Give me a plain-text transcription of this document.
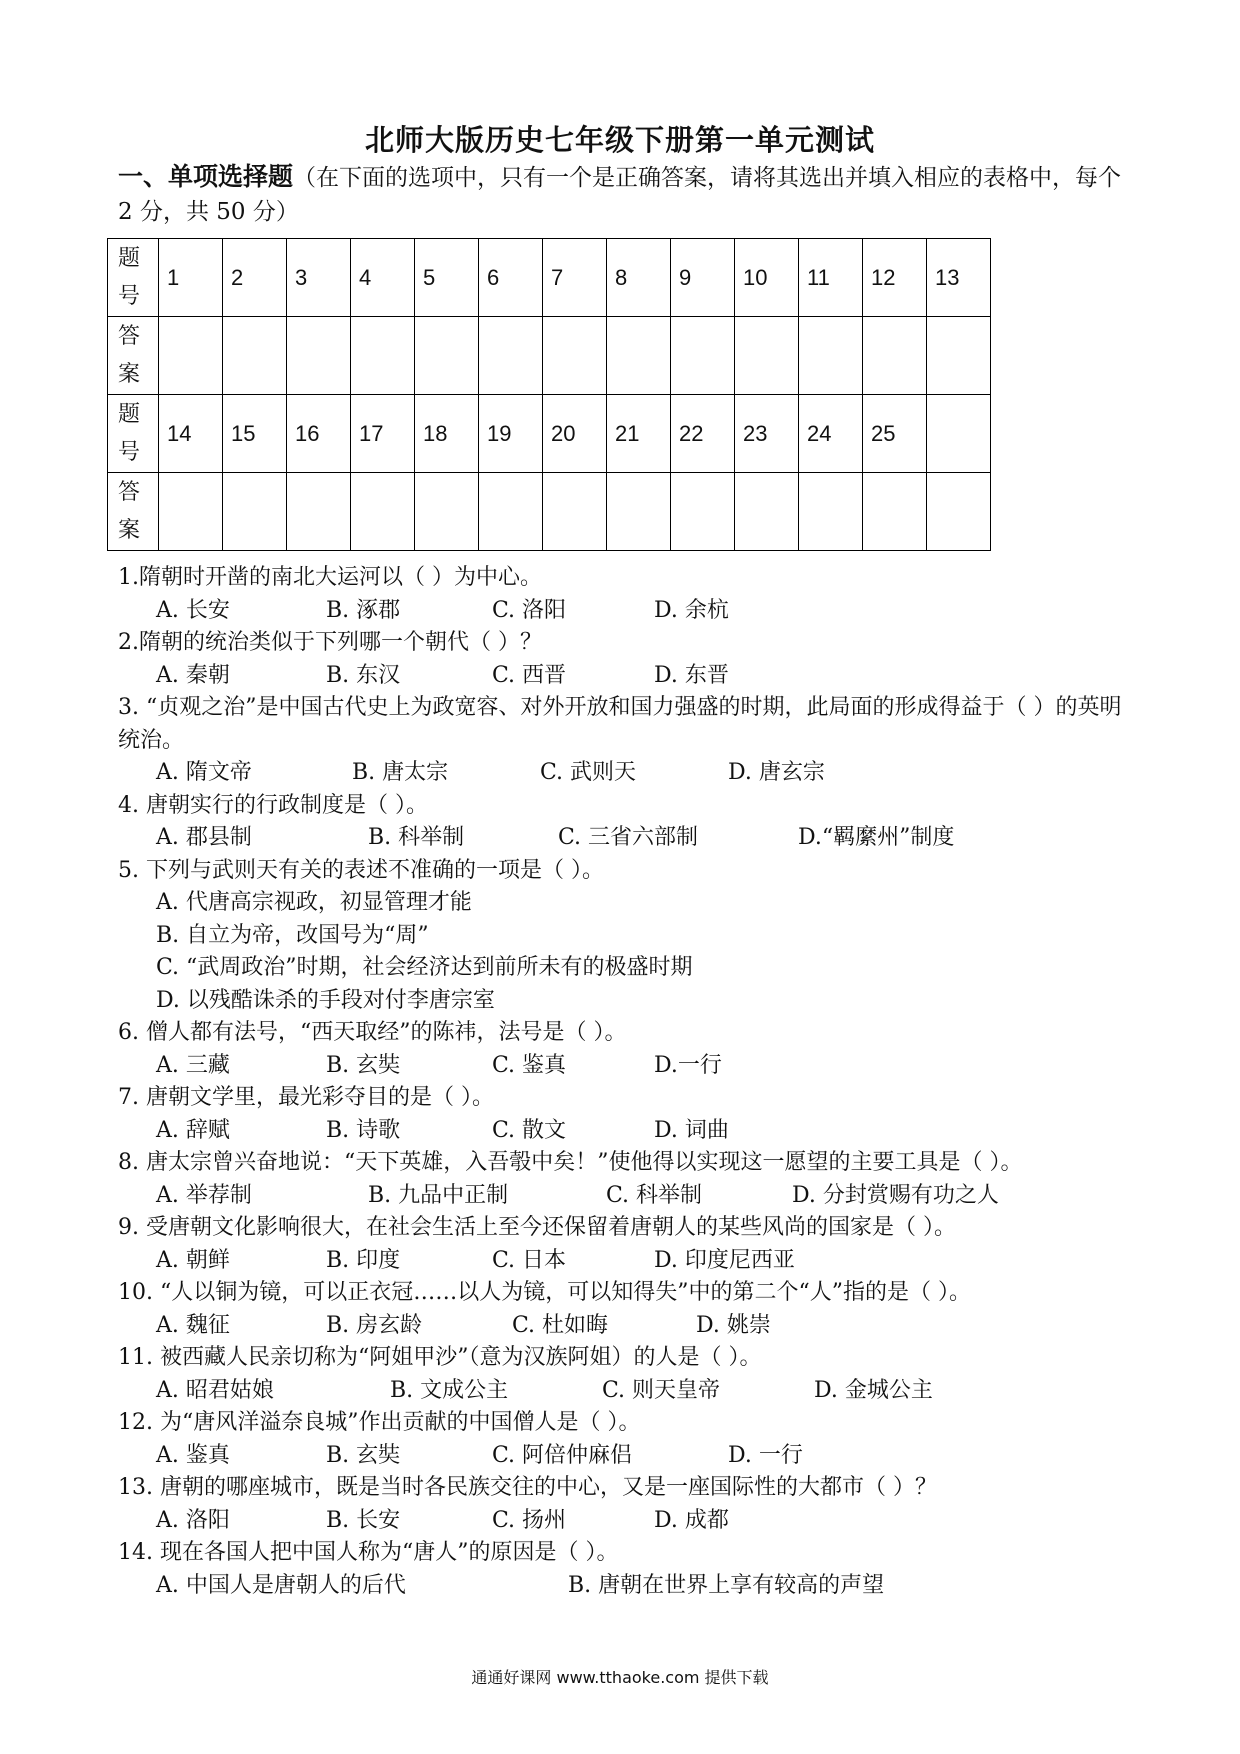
北师大版历史七年级下册第一单元测试
一、单项选择题（在下面的选项中，只有一个是正确答案，请将其选出并填入相应的表格中，每个 2 分，共 50 分）
题号	1	2	3	4	5	6	7	8	9	10	11	12	13
答案													
题号	14	15	16	17	18	19	20	21	22	23	24	25	
答案													
1.隋朝时开凿的南北大运河以（ ）为中心。
A. 长安	B. 涿郡	C. 洛阳	D. 余杭
2.隋朝的统治类似于下列哪一个朝代（ ）？
A. 秦朝	B. 东汉	C. 西晋	D. 东晋
3. “贞观之治”是中国古代史上为政宽容、对外开放和国力强盛的时期，此局面的形成得益于（ ）的英明统治。
A. 隋文帝	B. 唐太宗	C. 武则天	D. 唐玄宗
4. 唐朝实行的行政制度是（ ）。
A. 郡县制	B. 科举制	C. 三省六部制	D.“羁縻州”制度
5. 下列与武则天有关的表述不准确的一项是（ ）。
A. 代唐高宗视政，初显管理才能
B. 自立为帝，改国号为“周”
C. “武周政治”时期，社会经济达到前所未有的极盛时期
D. 以残酷诛杀的手段对付李唐宗室
6. 僧人都有法号，“西天取经”的陈祎，法号是（ ）。
A. 三藏	B. 玄奘	C. 鉴真	D.一行
7. 唐朝文学里，最光彩夺目的是（ ）。
A. 辞赋	B. 诗歌	C. 散文	D. 词曲
8. 唐太宗曾兴奋地说：“天下英雄，入吾彀中矣！”使他得以实现这一愿望的主要工具是（ ）。
A. 举荐制	B. 九品中正制	C. 科举制	D. 分封赏赐有功之人
9. 受唐朝文化影响很大，在社会生活上至今还保留着唐朝人的某些风尚的国家是（ ）。
A. 朝鲜	B. 印度	C. 日本	D. 印度尼西亚
10. “人以铜为镜，可以正衣冠……以人为镜，可以知得失”中的第二个“人”指的是（ ）。
A. 魏征	B. 房玄龄	C. 杜如晦	D. 姚崇
11. 被西藏人民亲切称为“阿姐甲沙”（意为汉族阿姐）的人是（ ）。
A. 昭君姑娘	B. 文成公主	C. 则天皇帝	D. 金城公主
12. 为“唐风洋溢奈良城”作出贡献的中国僧人是（ ）。
A. 鉴真	B. 玄奘	C. 阿倍仲麻侣	D. 一行
13. 唐朝的哪座城市，既是当时各民族交往的中心，又是一座国际性的大都市（ ）？
A. 洛阳	B. 长安	C. 扬州	D. 成都
14. 现在各国人把中国人称为“唐人”的原因是（ ）。
A. 中国人是唐朝人的后代	B. 唐朝在世界上享有较高的声望
通通好课网 www.tthaoke.com 提供下载
